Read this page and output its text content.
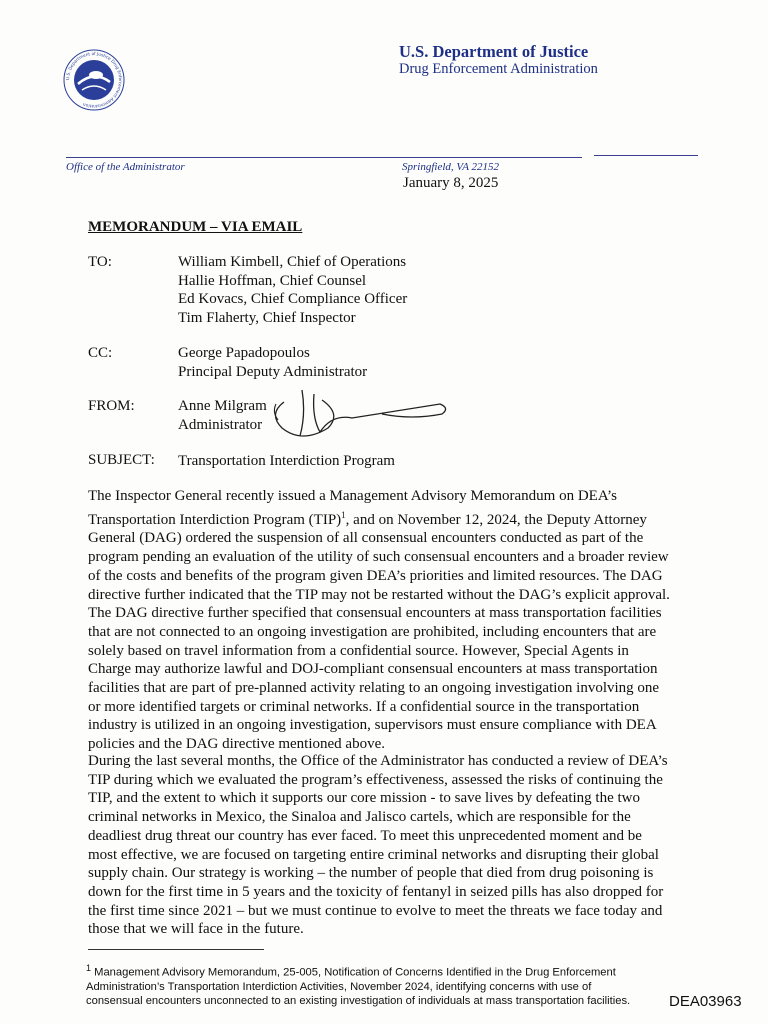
U.S. Department of Justice Drug Enforcement Administration
U.S. Department of Justice
Drug Enforcement Administration
Office of the Administrator	Springfield, VA 22152
January 8, 2025
MEMORANDUM – VIA EMAIL
TO:	William Kimbell, Chief of Operations
Hallie Hoffman, Chief Counsel
Ed Kovacs, Chief Compliance Officer
Tim Flaherty, Chief Inspector
CC:	George Papadopoulos
Principal Deputy Administrator
FROM:	Anne Milgram
Administrator
SUBJECT: Transportation Interdiction Program
The Inspector General recently issued a Management Advisory Memorandum on DEA’s
Transportation Interdiction Program (TIP)$^1$, and on November 12, 2024, the Deputy Attorney
General (DAG) ordered the suspension of all consensual encounters conducted as part of the
program pending an evaluation of the utility of such consensual encounters and a broader review
of the costs and benefits of the program given DEA’s priorities and limited resources. The DAG
directive further indicated that the TIP may not be restarted without the DAG’s explicit approval.
The DAG directive further specified that consensual encounters at mass transportation facilities
that are not connected to an ongoing investigation are prohibited, including encounters that are
solely based on travel information from a confidential source. However, Special Agents in
Charge may authorize lawful and DOJ-compliant consensual encounters at mass transportation
facilities that are part of pre-planned activity relating to an ongoing investigation involving one
or more identified targets or criminal networks. If a confidential source in the transportation
industry is utilized in an ongoing investigation, supervisors must ensure compliance with DEA
policies and the DAG directive mentioned above.
During the last several months, the Office of the Administrator has conducted a review of DEA’s
TIP during which we evaluated the program’s effectiveness, assessed the risks of continuing the
TIP, and the extent to which it supports our core mission - to save lives by defeating the two
criminal networks in Mexico, the Sinaloa and Jalisco cartels, which are responsible for the
deadliest drug threat our country has ever faced. To meet this unprecedented moment and be
most effective, we are focused on targeting entire criminal networks and disrupting their global
supply chain. Our strategy is working – the number of people that died from drug poisoning is
down for the first time in 5 years and the toxicity of fentanyl in seized pills has also dropped for
the first time since 2021 – but we must continue to evolve to meet the threats we face today and
those that we will face in the future.
$^1$ Management Advisory Memorandum, 25-005, Notification of Concerns Identified in the Drug Enforcement
Administration’s Transportation Interdiction Activities, November 2024, identifying concerns with use of
consensual encounters unconnected to an existing investigation of individuals at mass transportation facilities.	DEA03963
